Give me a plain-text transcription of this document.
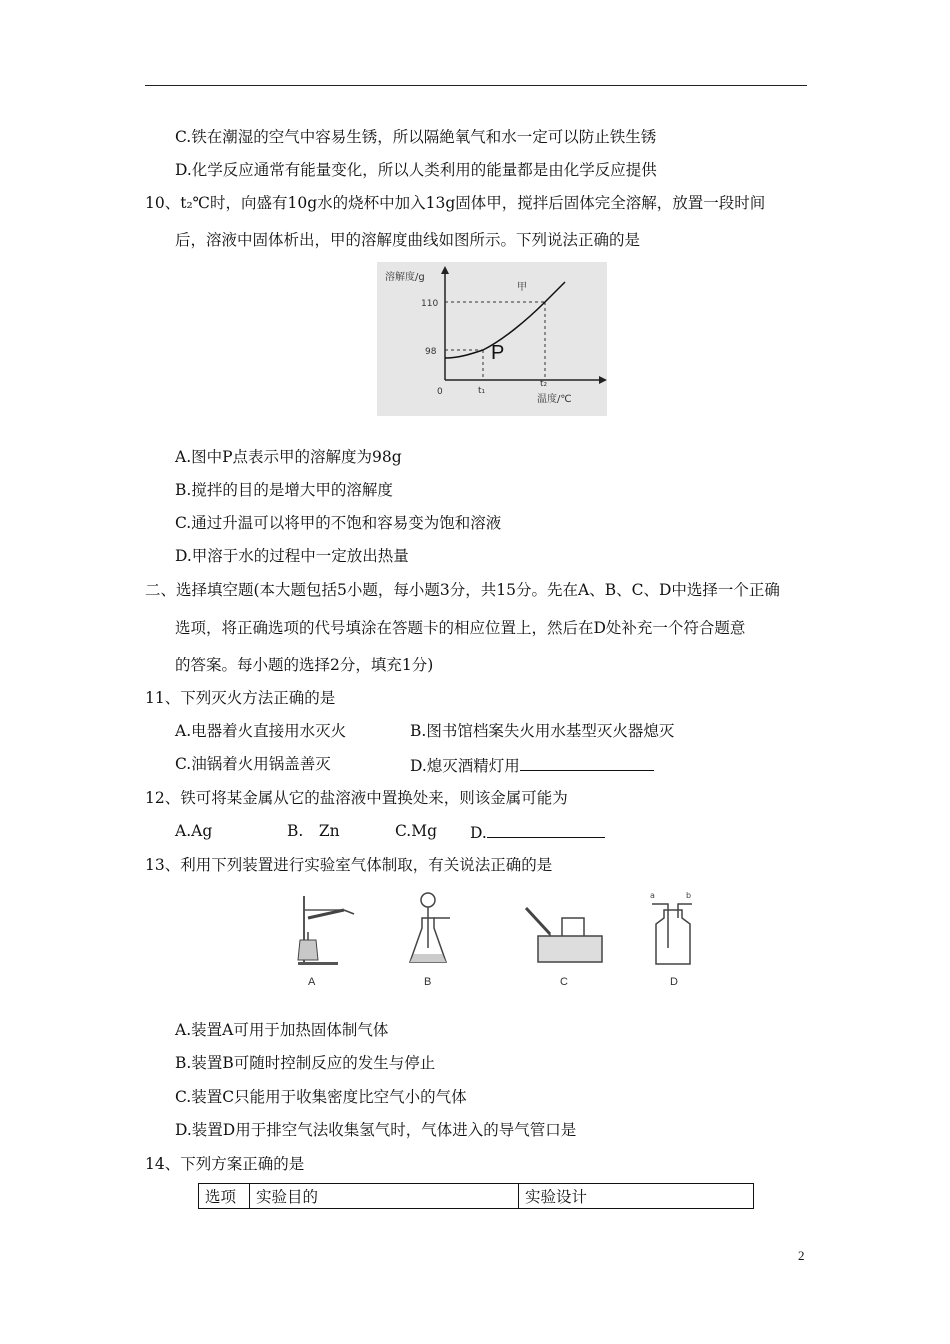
C.铁在潮湿的空气中容易生锈，所以隔絶氧气和水一定可以防止铁生锈
D.化学反应通常有能量变化，所以人类利用的能量都是由化学反应提供
10、t₂℃时，向盛有10g水的烧杯中加入13g固体甲，搅拌后固体完全溶解，放置一段时间
后，溶液中固体析出，甲的溶解度曲线如图所示。下列说法正确的是
溶解度/g
温度/℃
0
110
98
t₁
t₂
甲
P
A.图中P点表示甲的溶解度为98g
B.搅拌的目的是增大甲的溶解度
C.通过升温可以将甲的不饱和容易变为饱和溶液
D.甲溶于水的过程中一定放出热量
二、选择填空题(本大题包括5小题，每小题3分，共15分。先在A、B、C、D中选择一个正确
选项，将正确选项的代号填涂在答题卡的相应位置上，然后在D处补充一个符合题意
的答案。每小题的选择2分，填充1分)
11、下列灭火方法正确的是
A.电器着火直接用水灭火	B.图书馆档案失火用水基型灭火器熄灭
C.油锅着火用锅盖善灭	D.熄灭酒精灯用
12、铁可将某金属从它的盐溶液中置换处来，则该金属可能为
A.Ag	B.　Zn	C.Mg D.
13、利用下列装置进行实验室气体制取，有关说法正确的是
A	B	C
a	b
D
A.装置A可用于加热固体制气体
B.装置B可随时控制反应的发生与停止
C.装置C只能用于收集密度比空气小的气体
D.装置D用于排空气法收集氢气时，气体进入的导气管口是
14、下列方案正确的是
选项	实验目的	实验设计
2
